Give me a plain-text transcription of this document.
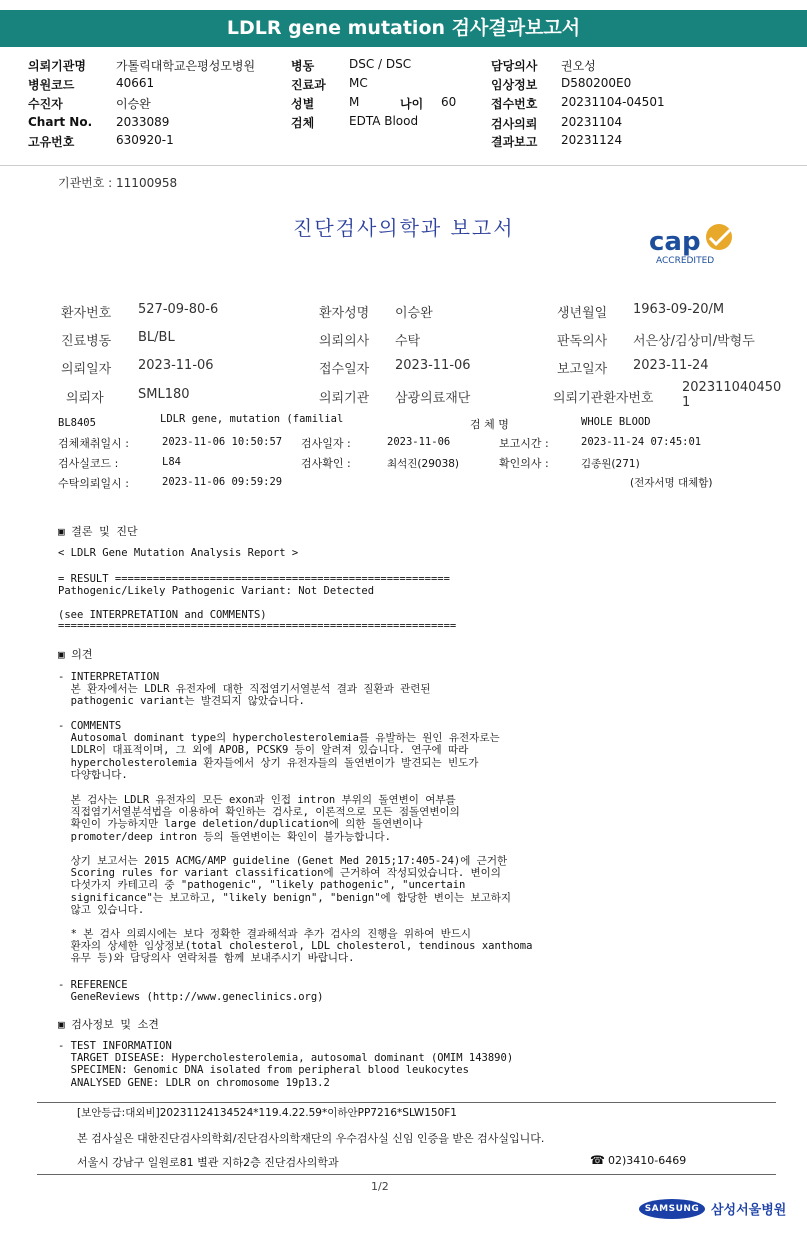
LDLR gene mutation 검사결과보고서
의뢰기관명	가톨릭대학교은평성모병원	병동	DSC / DSC	담당의사 권오성
병원코드	40661	진료과 MC	임상정보 D580200E0
수진자	이승완	성별	M	나이 60	접수번호 20231104-04501
Chart No. 2033089	검체	EDTA Blood	검사의뢰 20231104
고유번호	630920-1	결과보고 20231124
기관번호 : 11100958
진단검사의학과 보고서	cap
ACCREDITED
환자번호 527-09-80-6	환자성명 이승완	생년월일 1963-09-20/M
진료병동 BL/BL	의뢰의사 수탁	판독의사 서은상/김상미/박형두
의뢰일자 2023-11-06	접수일자 2023-11-06	보고일자 2023-11-24
의뢰자	SML180	의뢰기관 삼광의료재단	의뢰기관환자번호
202311040450
1
BL8405	LDLR gene, mutation (familial	검 체 명	WHOLE BLOOD
검체채취일시 :	2023-11-06 10:50:57 검사일자 :	2023-11-06	보고시간 :	2023-11-24 07:45:01
검사실코드 :	L84	검사확인 :	최석진(29038)	확인의사 :	김종원(271)
수탁의뢰일시 :	2023-11-06 09:59:29	(전자서명 대체함)
▣ 결론 및 진단
< LDLR Gene Mutation Analysis Report >
= RESULT =====================================================
Pathogenic/Likely Pathogenic Variant: Not Detected
(see INTERPRETATION and COMMENTS)
===============================================================
▣ 의견
- INTERPRETATION
본 환자에서는 LDLR 유전자에 대한 직접염기서열분석 결과 질환과 관련된
pathogenic variant는 발견되지 않았습니다.
- COMMENTS
Autosomal dominant type의 hypercholesterolemia를 유발하는 원인 유전자로는
LDLR이 대표적이며, 그 외에 APOB, PCSK9 등이 알려져 있습니다. 연구에 따라
hypercholesterolemia 환자들에서 상기 유전자들의 돌연변이가 발견되는 빈도가
다양합니다.
본 검사는 LDLR 유전자의 모든 exon과 인접 intron 부위의 돌연변이 여부를
직접염기서열분석법을 이용하여 확인하는 검사로, 이론적으로 모든 점돌연변이의
확인이 가능하지만 large deletion/duplication에 의한 돌연변이나
promoter/deep intron 등의 돌연변이는 확인이 불가능합니다.
상기 보고서는 2015 ACMG/AMP guideline (Genet Med 2015;17:405-24)에 근거한
Scoring rules for variant classification에 근거하여 작성되었습니다. 변이의
다섯가지 카테고리 중 "pathogenic", "likely pathogenic", "uncertain
significance"는 보고하고, "likely benign", "benign"에 합당한 변이는 보고하지
않고 있습니다.
* 본 검사 의뢰시에는 보다 정확한 결과해석과 추가 검사의 진행을 위하여 반드시
환자의 상세한 임상정보(total cholesterol, LDL cholesterol, tendinous xanthoma
유무 등)와 담당의사 연락처를 함께 보내주시기 바랍니다.
- REFERENCE
GeneReviews (http://www.geneclinics.org)
▣ 검사정보 및 소견
- TEST INFORMATION
TARGET DISEASE: Hypercholesterolemia, autosomal dominant (OMIM 143890)
SPECIMEN: Genomic DNA isolated from peripheral blood leukocytes
ANALYSED GENE: LDLR on chromosome 19p13.2
[보안등급:대외비]20231124134524*119.4.22.59*이하안PP7216*SLW150F1
본 검사실은 대한진단검사의학회/진단검사의학재단의 우수검사실 신임 인증을 받은 검사실입니다.
서울시 강남구 일원로81 별관 지하2층 진단검사의학과	☎ 02)3410-6469
1/2
SAMSUNG 삼성서울병원
